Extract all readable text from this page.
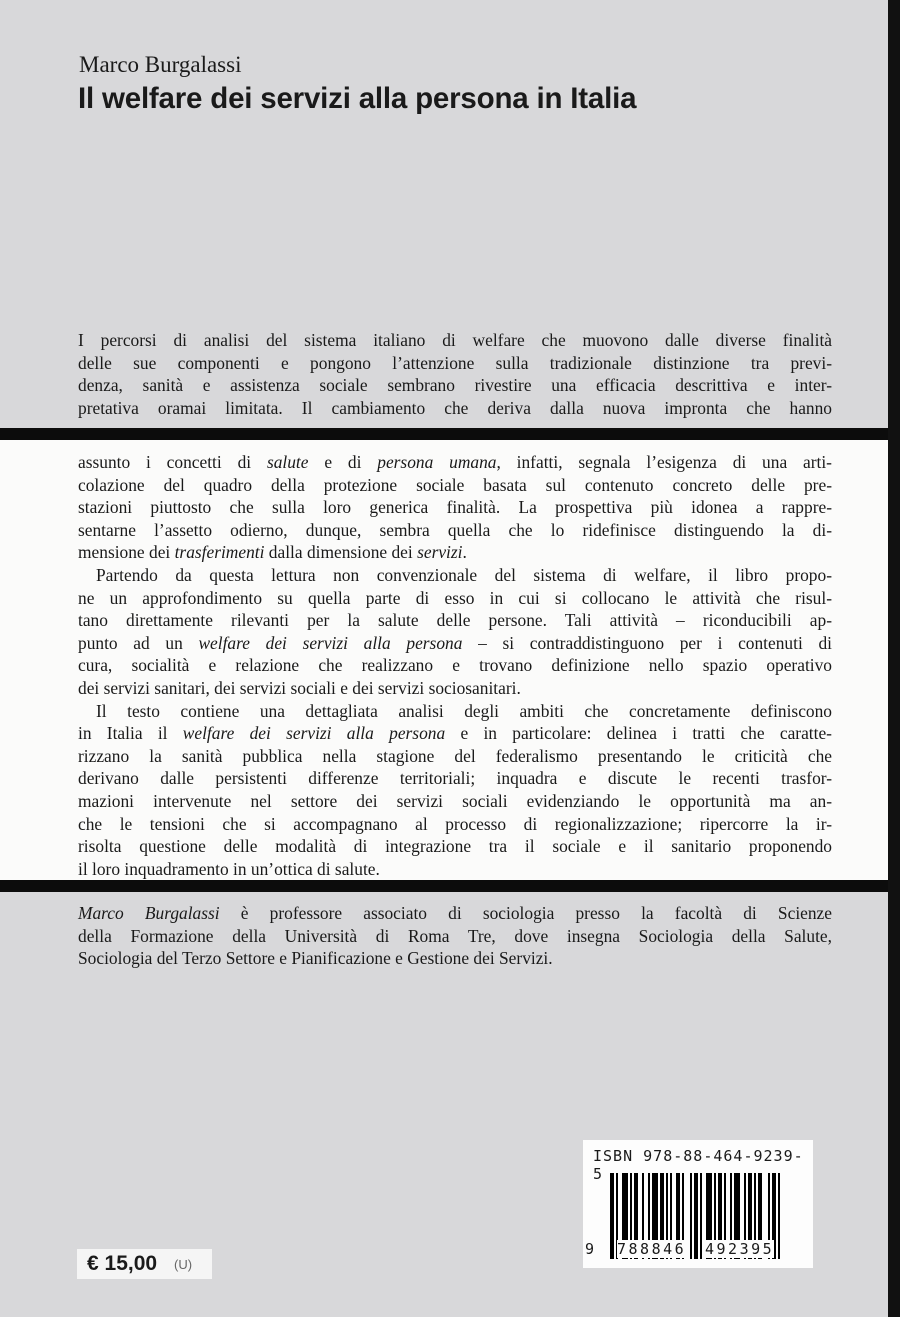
Marco Burgalassi
Il welfare dei servizi alla persona in Italia
I percorsi di analisi del sistema italiano di welfare che muovono dalle diverse finalità
delle sue componenti e pongono l’attenzione sulla tradizionale distinzione tra previ-
denza, sanità e assistenza sociale sembrano rivestire una efficacia descrittiva e inter-
pretativa oramai limitata. Il cambiamento che deriva dalla nuova impronta che hanno
assunto i concetti di salute e di persona umana, infatti, segnala l’esigenza di una arti-
colazione del quadro della protezione sociale basata sul contenuto concreto delle pre-
stazioni piuttosto che sulla loro generica finalità. La prospettiva più idonea a rappre-
sentarne l’assetto odierno, dunque, sembra quella che lo ridefinisce distinguendo la di-
mensione dei trasferimenti dalla dimensione dei servizi.
Partendo da questa lettura non convenzionale del sistema di welfare, il libro propo-
ne un approfondimento su quella parte di esso in cui si collocano le attività che risul-
tano direttamente rilevanti per la salute delle persone. Tali attività – riconducibili ap-
punto ad un welfare dei servizi alla persona – si contraddistinguono per i contenuti di
cura, socialità e relazione che realizzano e trovano definizione nello spazio operativo
dei servizi sanitari, dei servizi sociali e dei servizi sociosanitari.
Il testo contiene una dettagliata analisi degli ambiti che concretamente definiscono
in Italia il welfare dei servizi alla persona e in particolare: delinea i tratti che caratte-
rizzano la sanità pubblica nella stagione del federalismo presentando le criticità che
derivano dalle persistenti differenze territoriali; inquadra e discute le recenti trasfor-
mazioni intervenute nel settore dei servizi sociali evidenziando le opportunità ma an-
che le tensioni che si accompagnano al processo di regionalizzazione; ripercorre la ir-
risolta questione delle modalità di integrazione tra il sociale e il sanitario proponendo
il loro inquadramento in un’ottica di salute.
Marco Burgalassi è professore associato di sociologia presso la facoltà di Scienze
della Formazione della Università di Roma Tre, dove insegna Sociologia della Salute,
Sociologia del Terzo Settore e Pianificazione e Gestione dei Servizi.
ISBN 978-88-464-9239-5
9 788846 492395
€ 15,00 (U)
